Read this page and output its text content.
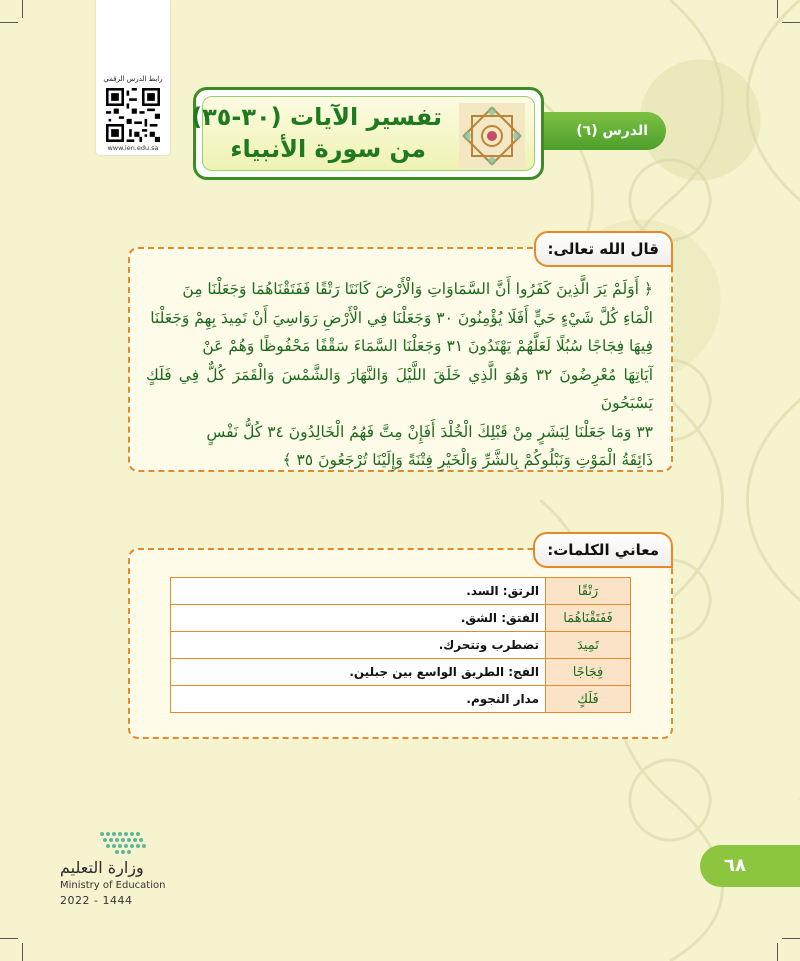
رابط الدرس الرقمي
www.ien.edu.sa
الدرس (٦)
تفسير الآيات (٣٠-٣٥)
من سورة الأنبياء
قال الله تعالى:
﴿ أَوَلَمْ يَرَ الَّذِينَ كَفَرُوا أَنَّ السَّمَاوَاتِ وَالْأَرْضَ كَانَتَا رَتْقًا فَفَتَقْنَاهُمَا وَجَعَلْنَا مِنَ
الْمَاءِ كُلَّ شَيْءٍ حَيٍّ أَفَلَا يُؤْمِنُونَ ٣٠ وَجَعَلْنَا فِي الْأَرْضِ رَوَاسِيَ أَنْ تَمِيدَ بِهِمْ وَجَعَلْنَا
فِيهَا فِجَاجًا سُبُلًا لَعَلَّهُمْ يَهْتَدُونَ ٣١ وَجَعَلْنَا السَّمَاءَ سَقْفًا مَحْفُوظًا وَهُمْ عَنْ
آيَاتِهَا مُعْرِضُونَ ٣٢ وَهُوَ الَّذِي خَلَقَ اللَّيْلَ وَالنَّهَارَ وَالشَّمْسَ وَالْقَمَرَ كُلٌّ فِي فَلَكٍ يَسْبَحُونَ
٣٣ وَمَا جَعَلْنَا لِبَشَرٍ مِنْ قَبْلِكَ الْخُلْدَ أَفَإِنْ مِتَّ فَهُمُ الْخَالِدُونَ ٣٤ كُلُّ نَفْسٍ
ذَائِقَةُ الْمَوْتِ وَنَبْلُوكُمْ بِالشَّرِّ وَالْخَيْرِ فِتْنَةً وَإِلَيْنَا تُرْجَعُونَ ٣٥ ﴾
معاني الكلمات:
رَتْقًا	الرتق: السد.
فَفَتَقْنَاهُمَا	الفتق: الشق.
تَمِيدَ	تضطرب وتتحرك.
فِجَاجًا	الفج: الطريق الواسع بين جبلين.
فَلَكٍ	مدار النجوم.
وزارة التعليم
Ministry of Education
2022 - 1444
٦٨
